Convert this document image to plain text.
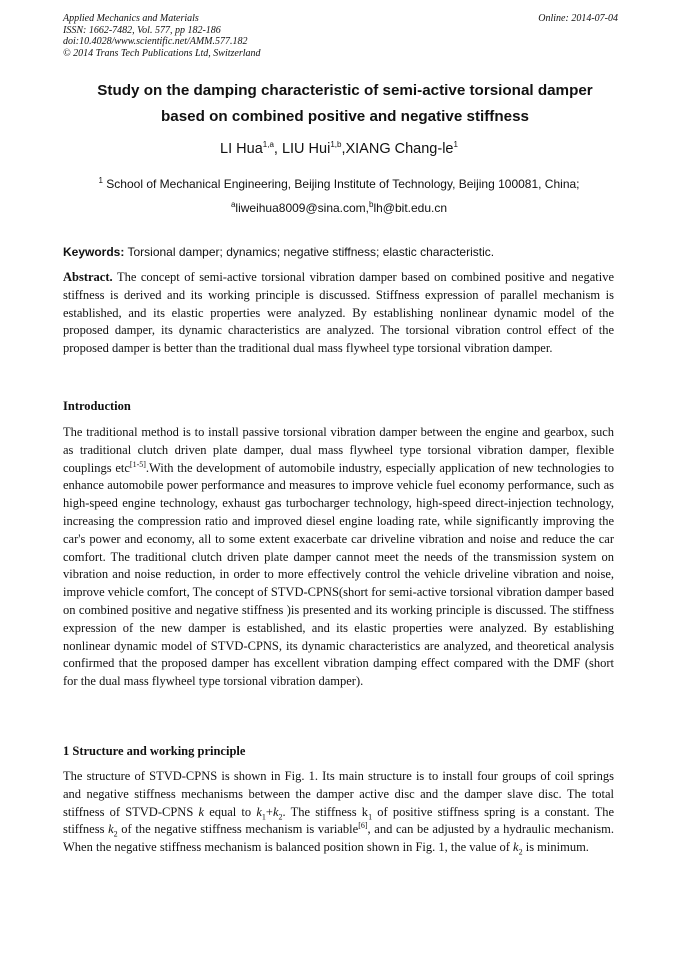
Applied Mechanics and Materials
ISSN: 1662-7482, Vol. 577, pp 182-186
doi:10.4028/www.scientific.net/AMM.577.182
© 2014 Trans Tech Publications Ltd, Switzerland
Online: 2014-07-04
Study on the damping characteristic of semi-active torsional damper
based on combined positive and negative stiffness
LI Hua$^{1,a}$, LIU Hui$^{1,b}$,XIANG Chang-$le^1$
$^1$ School of Mechanical Engineering, Beijing Institute of Technology, Beijing 100081, China;
$^a$liweihua8009@sina.com,$^b$lh@bit.edu.cn
Keywords: Torsional damper; dynamics; negative stiffness; elastic characteristic.
Abstract. The concept of semi-active torsional vibration damper based on combined positive and negative stiffness is derived and its working principle is discussed. Stiffness expression of parallel mechanism is established, and its elastic properties were analyzed. By establishing nonlinear dynamic model of the proposed damper, its dynamic characteristics are analyzed. The torsional vibration control effect of the proposed damper is better than the traditional dual mass flywheel type torsional vibration damper.
Introduction
The traditional method is to install passive torsional vibration damper between the engine and gearbox, such as traditional clutch driven plate damper, dual mass flywheel type torsional vibration damper, flexible couplings etc[1-5].With the development of automobile industry, especially application of new technologies to enhance automobile power performance and measures to improve vehicle fuel economy performance, such as high-speed engine technology, exhaust gas turbocharger technology, high-speed direct-injection technology, increasing the compression ratio and improved diesel engine loading rate, while significantly improving the car's power and economy, all to some extent exacerbate car driveline vibration and noise and reduce the car comfort. The traditional clutch driven plate damper cannot meet the needs of the transmission system on vibration and noise reduction, in order to more effectively control the vehicle driveline vibration and noise, improve vehicle comfort, The concept of STVD-CPNS(short for semi-active torsional vibration damper based on combined positive and negative stiffness )is presented and its working principle is discussed. The stiffness expression of the new damper is established, and its elastic properties were analyzed. By establishing nonlinear dynamic model of STVD-CPNS, its dynamic characteristics are analyzed, and theoretical analysis confirmed that the proposed damper has excellent vibration damping effect compared with the DMF (short for the dual mass flywheel type torsional vibration damper).
1 Structure and working principle
The structure of STVD-CPNS is shown in Fig. 1. Its main structure is to install four groups of coil springs and negative stiffness mechanisms between the damper active disc and the damper slave disc. The total stiffness of STVD-CPNS k equal to $k_1+k_2$. The stiffness $k_1$ of positive stiffness spring is a constant. The stiffness $k_2$ of the negative stiffness mechanism is variable[6], and can be adjusted by a hydraulic mechanism. When the negative stiffness mechanism is balanced position shown in Fig. 1, the value of $k_2$ is minimum.
